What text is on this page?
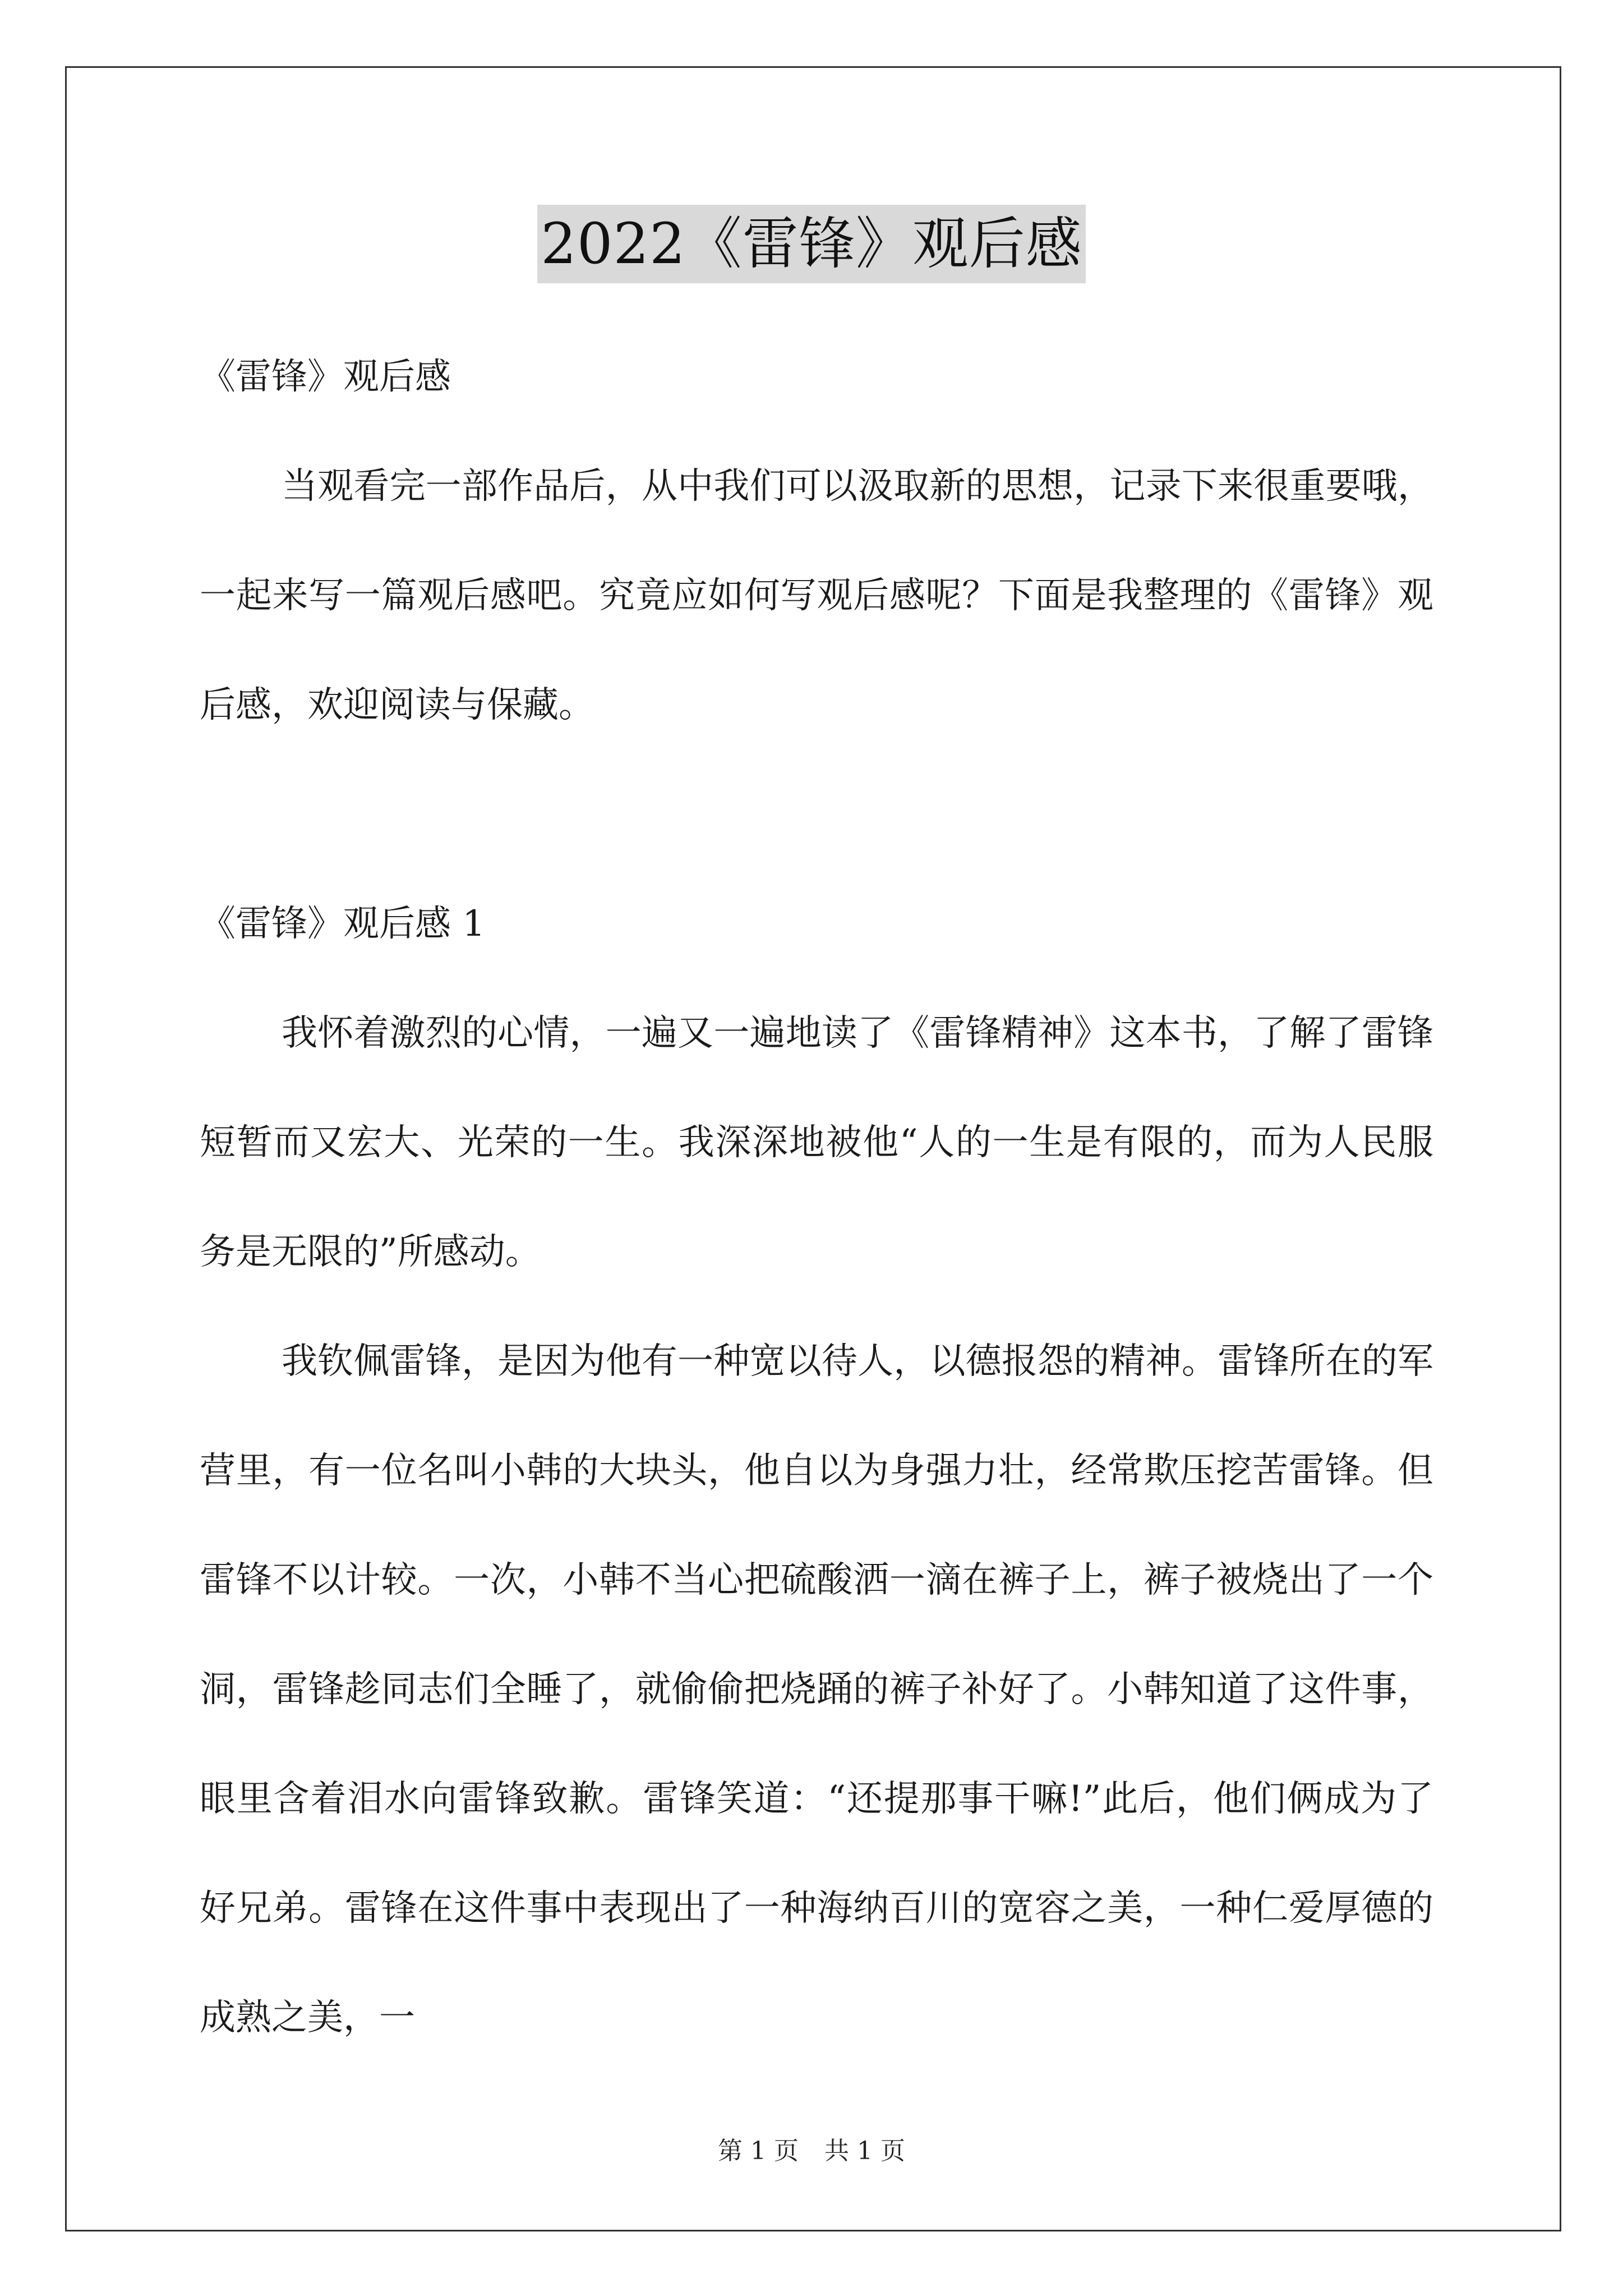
2022《雷锋》观后感

《雷锋》观后感

当观看完一部作品后，从中我们可以汲取新的思想，记录下来很重要哦，一起来写一篇观后感吧。究竟应如何写观后感呢？下面是我整理的《雷锋》观后感，欢迎阅读与保藏。

《雷锋》观后感 1

我怀着激烈的心情，一遍又一遍地读了《雷锋精神》这本书，了解了雷锋短暂而又宏大、光荣的一生。我深深地被他“人的一生是有限的，而为人民服务是无限的”所感动。

我钦佩雷锋，是因为他有一种宽以待人，以德报怨的精神。雷锋所在的军营里，有一位名叫小韩的大块头，他自以为身强力壮，经常欺压挖苦雷锋。但雷锋不以计较。一次，小韩不当心把硫酸洒一滴在裤子上，裤子被烧出了一个洞，雷锋趁同志们全睡了，就偷偷把烧踊的裤子补好了。小韩知道了这件事，眼里含着泪水向雷锋致歉。雷锋笑道：“还提那事干嘛!”此后，他们俩成为了好兄弟。雷锋在这件事中表现出了一种海纳百川的宽容之美，一种仁爱厚德的成熟之美，一

第 1 页 共 1 页
